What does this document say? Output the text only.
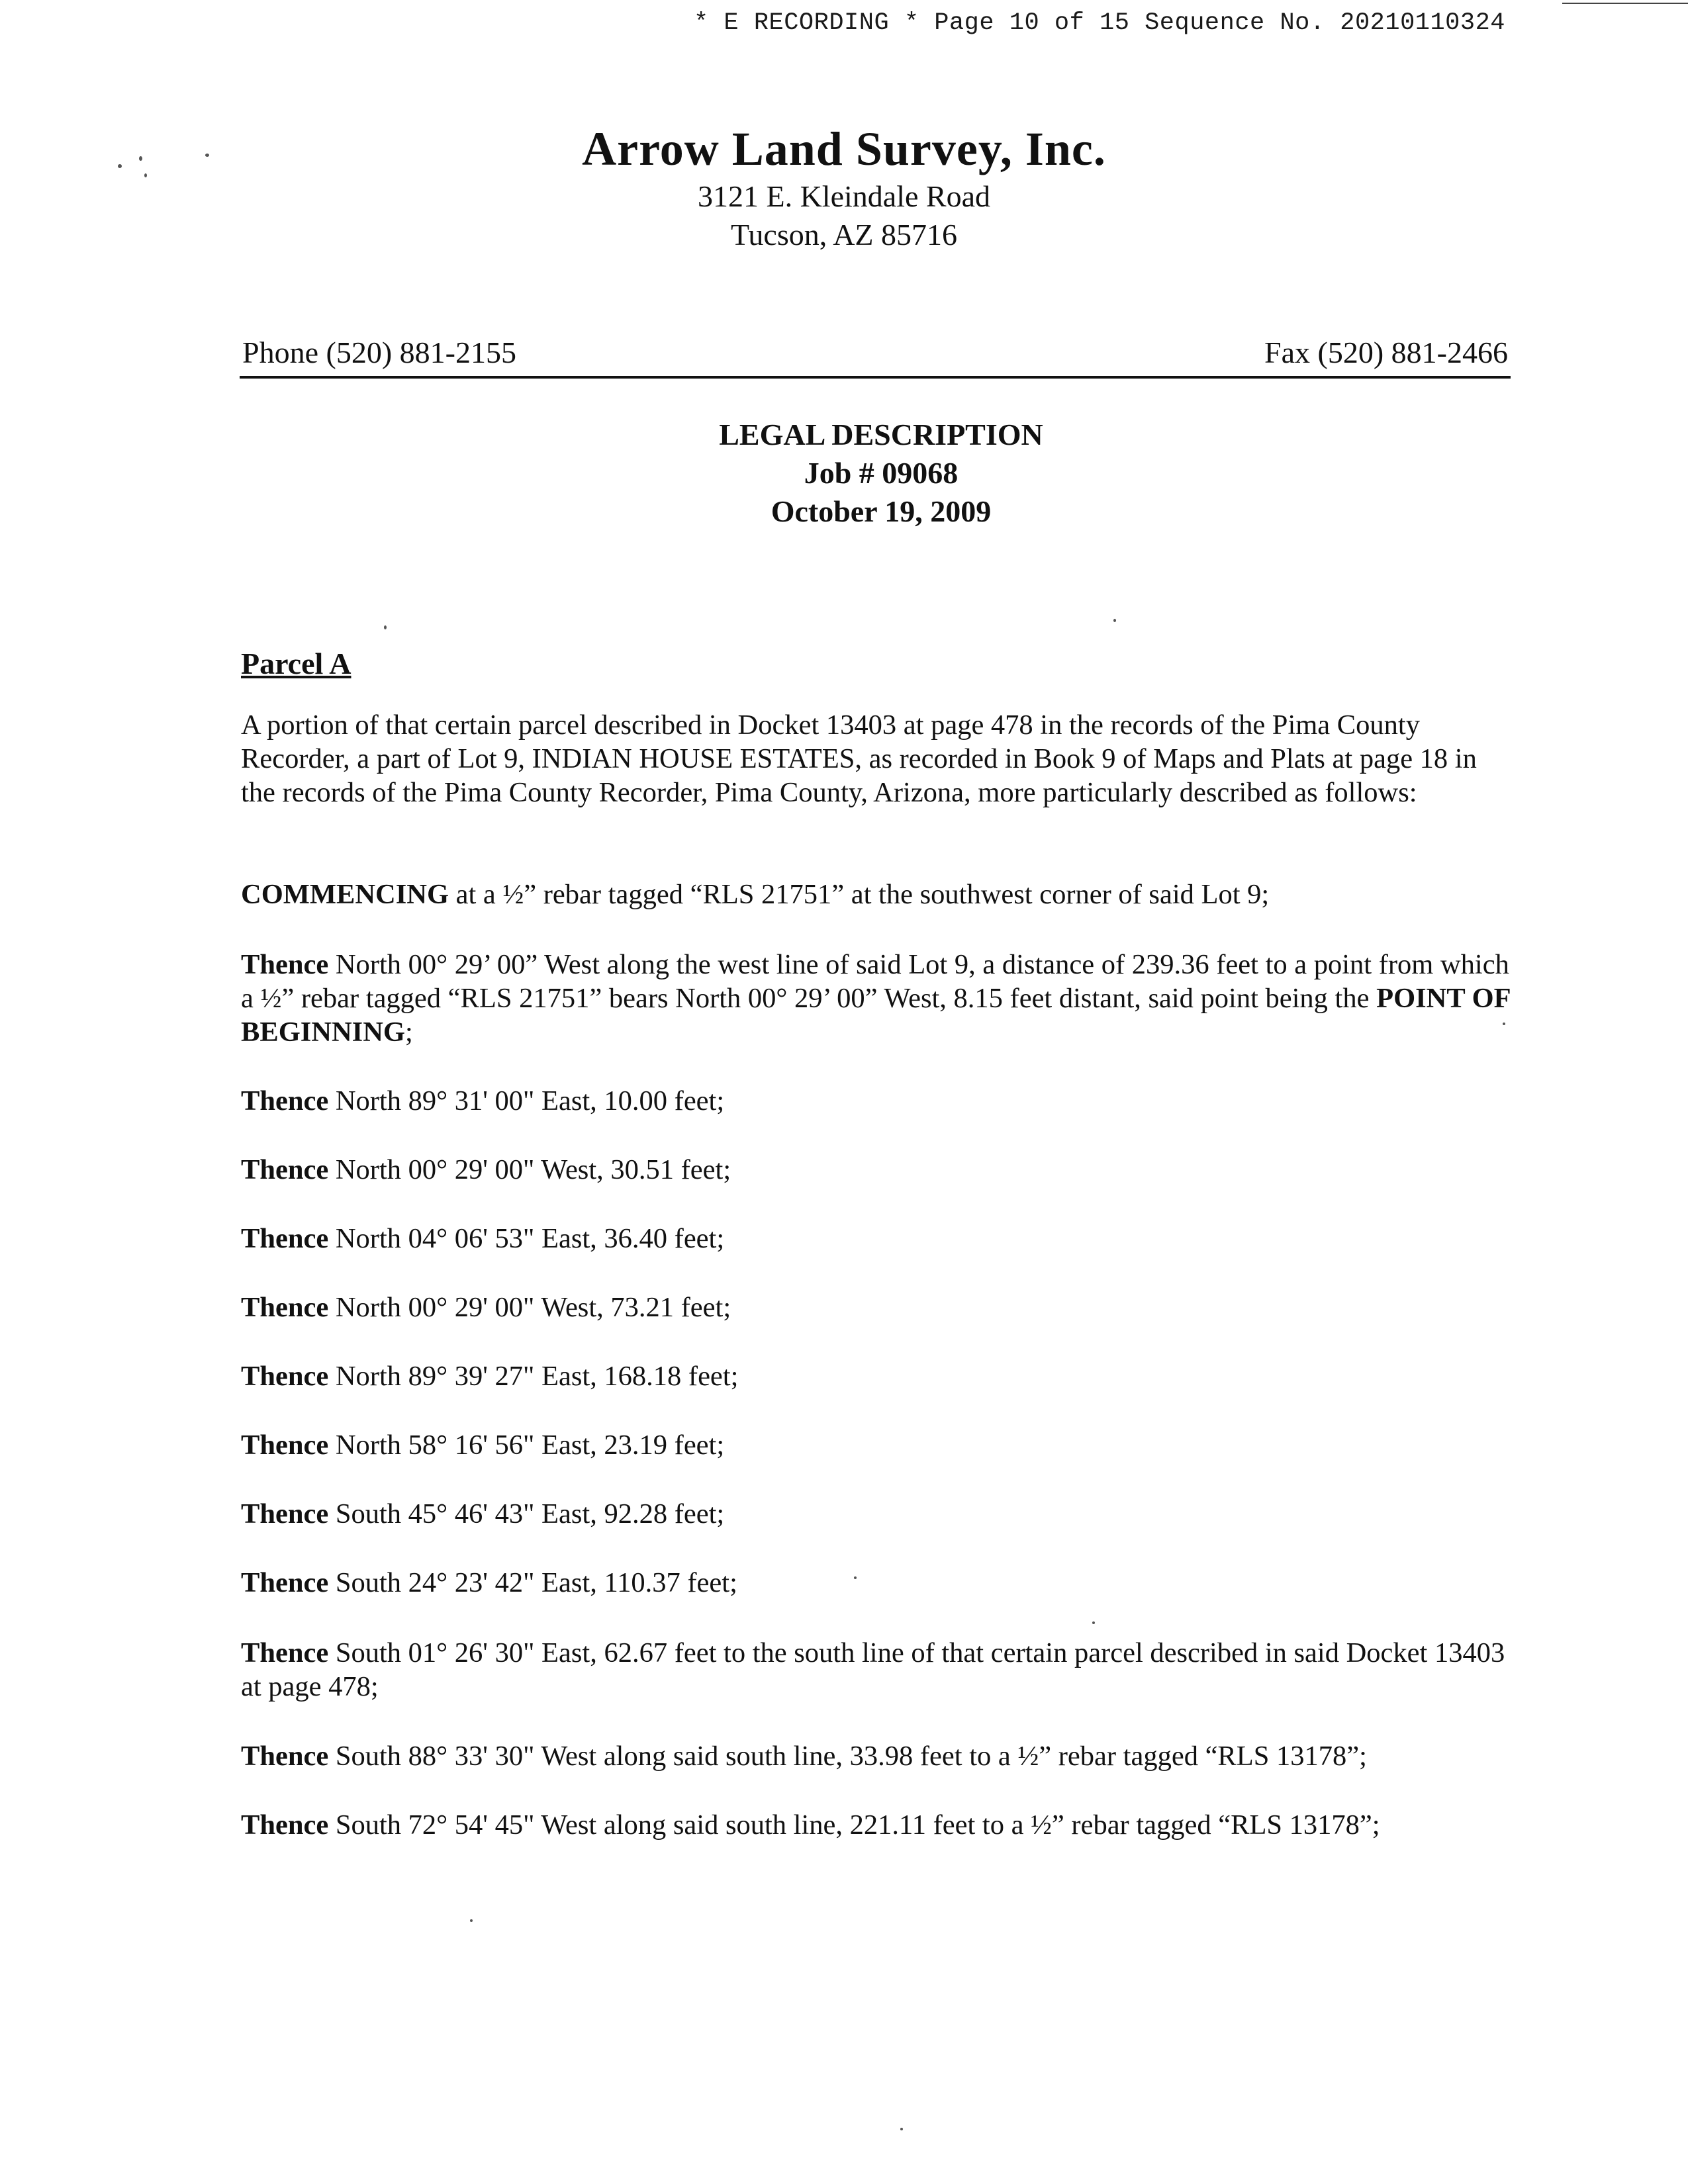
* E RECORDING * Page 10 of 15 Sequence No. 20210110324
Arrow Land Survey, Inc.
3121 E. Kleindale Road
Tucson, AZ 85716
Phone (520) 881-2155	Fax (520) 881-2466
LEGAL DESCRIPTION
Job # 09068
October 19, 2009
Parcel A
A portion of that certain parcel described in Docket 13403 at page 478 in the records of the Pima County Recorder, a part of Lot 9, INDIAN HOUSE ESTATES, as recorded in Book 9 of Maps and Plats at page 18 in the records of the Pima County Recorder, Pima County, Arizona, more particularly described as follows:
COMMENCING at a ½” rebar tagged “RLS 21751” at the southwest corner of said Lot 9;
Thence North 00° 29’ 00” West along the west line of said Lot 9, a distance of 239.36 feet to a point from which a ½” rebar tagged “RLS 21751” bears North 00° 29’ 00” West, 8.15 feet distant, said point being the POINT OF BEGINNING;
Thence North 89° 31' 00" East, 10.00 feet;
Thence North 00° 29' 00" West, 30.51 feet;
Thence North 04° 06' 53" East, 36.40 feet;
Thence North 00° 29' 00" West, 73.21 feet;
Thence North 89° 39' 27" East, 168.18 feet;
Thence North 58° 16' 56" East, 23.19 feet;
Thence South 45° 46' 43" East, 92.28 feet;
Thence South 24° 23' 42" East, 110.37 feet;
Thence South 01° 26' 30" East, 62.67 feet to the south line of that certain parcel described in said Docket 13403 at page 478;
Thence South 88° 33' 30" West along said south line, 33.98 feet to a ½” rebar tagged “RLS 13178”;
Thence South 72° 54' 45" West along said south line, 221.11 feet to a ½” rebar tagged “RLS 13178”;
